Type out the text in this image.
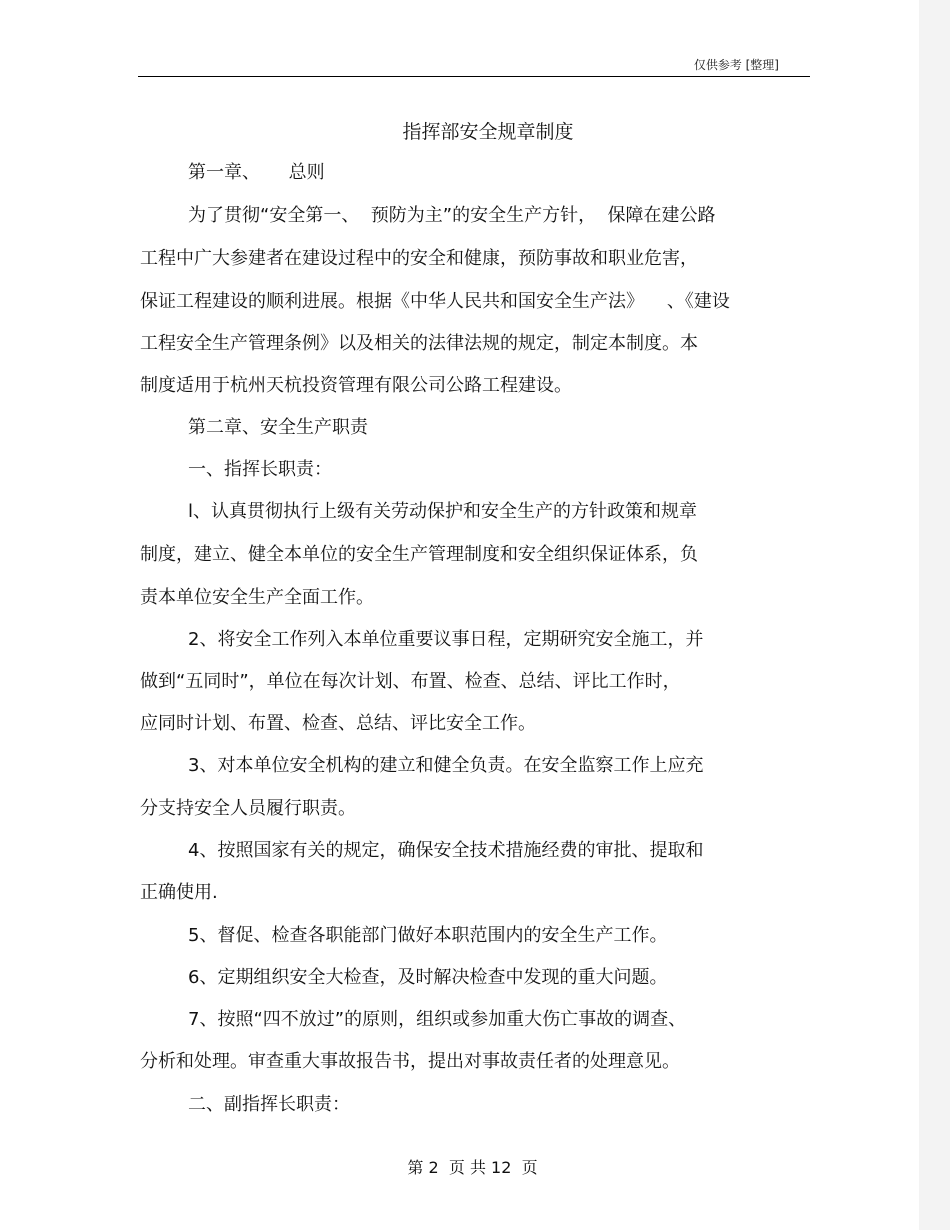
仅供参考 [整理]
指挥部安全规章制度
第一章、     总则
为了贯彻“安全第一、  预防为主”的安全生产方针，  保障在建公路
工程中广大参建者在建设过程中的安全和健康，预防事故和职业危害，
保证工程建设的顺利进展。根据《中华人民共和国安全生产法》    、《建设
工程安全生产管理条例》以及相关的法律法规的规定，制定本制度。本
制度适用于杭州天杭投资管理有限公司公路工程建设。
第二章、安全生产职责
一、指挥长职责：
l、认真贯彻执行上级有关劳动保护和安全生产的方针政策和规章
制度，建立、健全本单位的安全生产管理制度和安全组织保证体系，负
责本单位安全生产全面工作。
2、将安全工作列入本单位重要议事日程，定期研究安全施工，并
做到“五同时”，单位在每次计划、布置、检查、总结、评比工作时，
应同时计划、布置、检查、总结、评比安全工作。
3、对本单位安全机构的建立和健全负责。在安全监察工作上应充
分支持安全人员履行职责。
4、按照国家有关的规定，确保安全技术措施经费的审批、提取和
正确使用.
5、督促、检查各职能部门做好本职范围内的安全生产工作。
6、定期组织安全大检查，及时解决检查中发现的重大问题。
7、按照“四不放过”的原则，组织或参加重大伤亡事故的调查、
分析和处理。审查重大事故报告书，提出对事故责任者的处理意见。
二、副指挥长职责：
第 2  页 共 12  页
